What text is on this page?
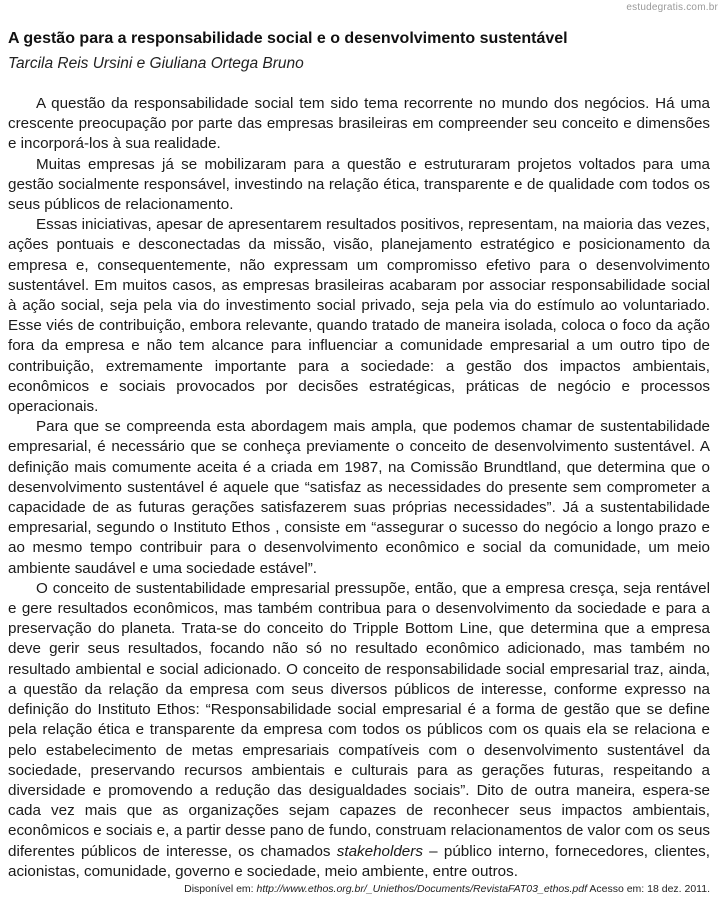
estudegratis.com.br
A gestão para a responsabilidade social e o desenvolvimento sustentável

Tarcila Reis Ursini e Giuliana Ortega Bruno

A questão da responsabilidade social tem sido tema recorrente no mundo dos negócios. Há uma crescente preocupação por parte das empresas brasileiras em compreender seu conceito e dimensões e incorporá-los à sua realidade.

Muitas empresas já se mobilizaram para a questão e estruturaram projetos voltados para uma gestão socialmente responsável, investindo na relação ética, transparente e de qualidade com todos os seus públicos de relacionamento.

Essas iniciativas, apesar de apresentarem resultados positivos, representam, na maioria das vezes, ações pontuais e desconectadas da missão, visão, planejamento estratégico e posicionamento da empresa e, consequentemente, não expressam um compromisso efetivo para o desenvolvimento sustentável. Em muitos casos, as empresas brasileiras acabaram por associar responsabilidade social à ação social, seja pela via do investimento social privado, seja pela via do estímulo ao voluntariado. Esse viés de contribuição, embora relevante, quando tratado de maneira isolada, coloca o foco da ação fora da empresa e não tem alcance para influenciar a comunidade empresarial a um outro tipo de contribuição, extremamente importante para a sociedade: a gestão dos impactos ambientais, econômicos e sociais provocados por decisões estratégicas, práticas de negócio e processos operacionais.

Para que se compreenda esta abordagem mais ampla, que podemos chamar de sustentabilidade empresarial, é necessário que se conheça previamente o conceito de desenvolvimento sustentável. A definição mais comumente aceita é a criada em 1987, na Comissão Brundtland, que determina que o desenvolvimento sustentável é aquele que “satisfaz as necessidades do presente sem comprometer a capacidade de as futuras gerações satisfazerem suas próprias necessidades”. Já a sustentabilidade empresarial, segundo o Instituto Ethos , consiste em “assegurar o sucesso do negócio a longo prazo e ao mesmo tempo contribuir para o desenvolvimento econômico e social da comunidade, um meio ambiente saudável e uma sociedade estável”.

O conceito de sustentabilidade empresarial pressupõe, então, que a empresa cresça, seja rentável e gere resultados econômicos, mas também contribua para o desenvolvimento da sociedade e para a preservação do planeta. Trata-se do conceito do Tripple Bottom Line, que determina que a empresa deve gerir seus resultados, focando não só no resultado econômico adicionado, mas também no resultado ambiental e social adicionado. O conceito de responsabilidade social empresarial traz, ainda, a questão da relação da empresa com seus diversos públicos de interesse, conforme expresso na definição do Instituto Ethos: “Responsabilidade social empresarial é a forma de gestão que se define pela relação ética e transparente da empresa com todos os públicos com os quais ela se relaciona e pelo estabelecimento de metas empresariais compatíveis com o desenvolvimento sustentável da sociedade, preservando recursos ambientais e culturais para as gerações futuras, respeitando a diversidade e promovendo a redução das desigualdades sociais”. Dito de outra maneira, espera-se cada vez mais que as organizações sejam capazes de reconhecer seus impactos ambientais, econômicos e sociais e, a partir desse pano de fundo, construam relacionamentos de valor com os seus diferentes públicos de interesse, os chamados stakeholders – público interno, fornecedores, clientes, acionistas, comunidade, governo e sociedade, meio ambiente, entre outros.

Disponível em: http://www.ethos.org.br/_Uniethos/Documents/RevistaFAT03_ethos.pdf Acesso em: 18 dez. 2011.
